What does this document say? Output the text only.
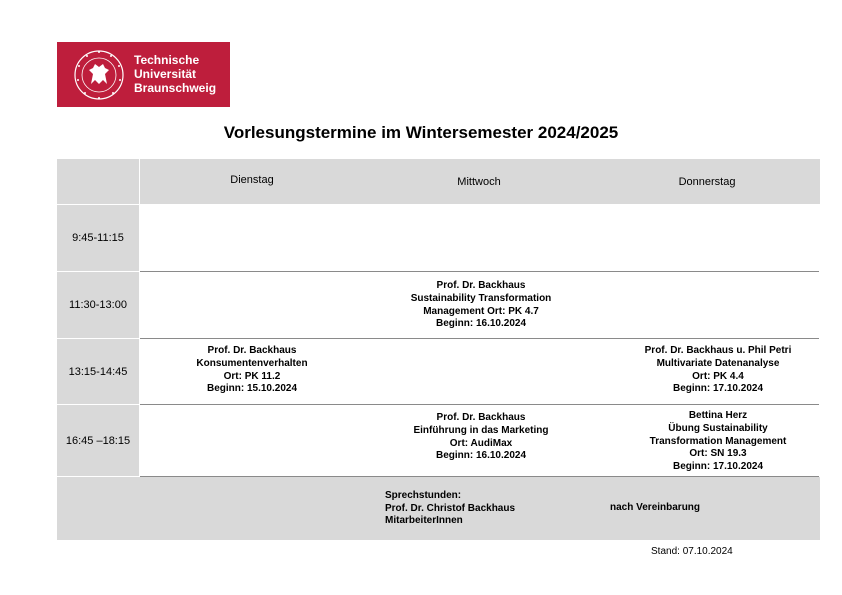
Technische
Universität
Braunschweig
Vorlesungstermine im Wintersemester 2024/2025
Dienstag	Mittwoch	Donnerstag
9:45-11:15
11:30-13:00
13:15-14:45
16:45 –18:15
Prof. Dr. Backhaus
Sustainability Transformation
Management Ort: PK 4.7
Beginn: 16.10.2024
Prof. Dr. Backhaus
Konsumentenverhalten
Ort: PK 11.2
Beginn: 15.10.2024
Prof. Dr. Backhaus u. Phil Petri
Multivariate Datenanalyse
Ort: PK 4.4
Beginn: 17.10.2024
Prof. Dr. Backhaus
Einführung in das Marketing
Ort: AudiMax
Beginn: 16.10.2024
Bettina Herz
Übung Sustainability
Transformation Management
Ort: SN 19.3
Beginn: 17.10.2024
Sprechstunden:
Prof. Dr. Christof Backhaus
MitarbeiterInnen
nach Vereinbarung
Stand: 07.10.2024
